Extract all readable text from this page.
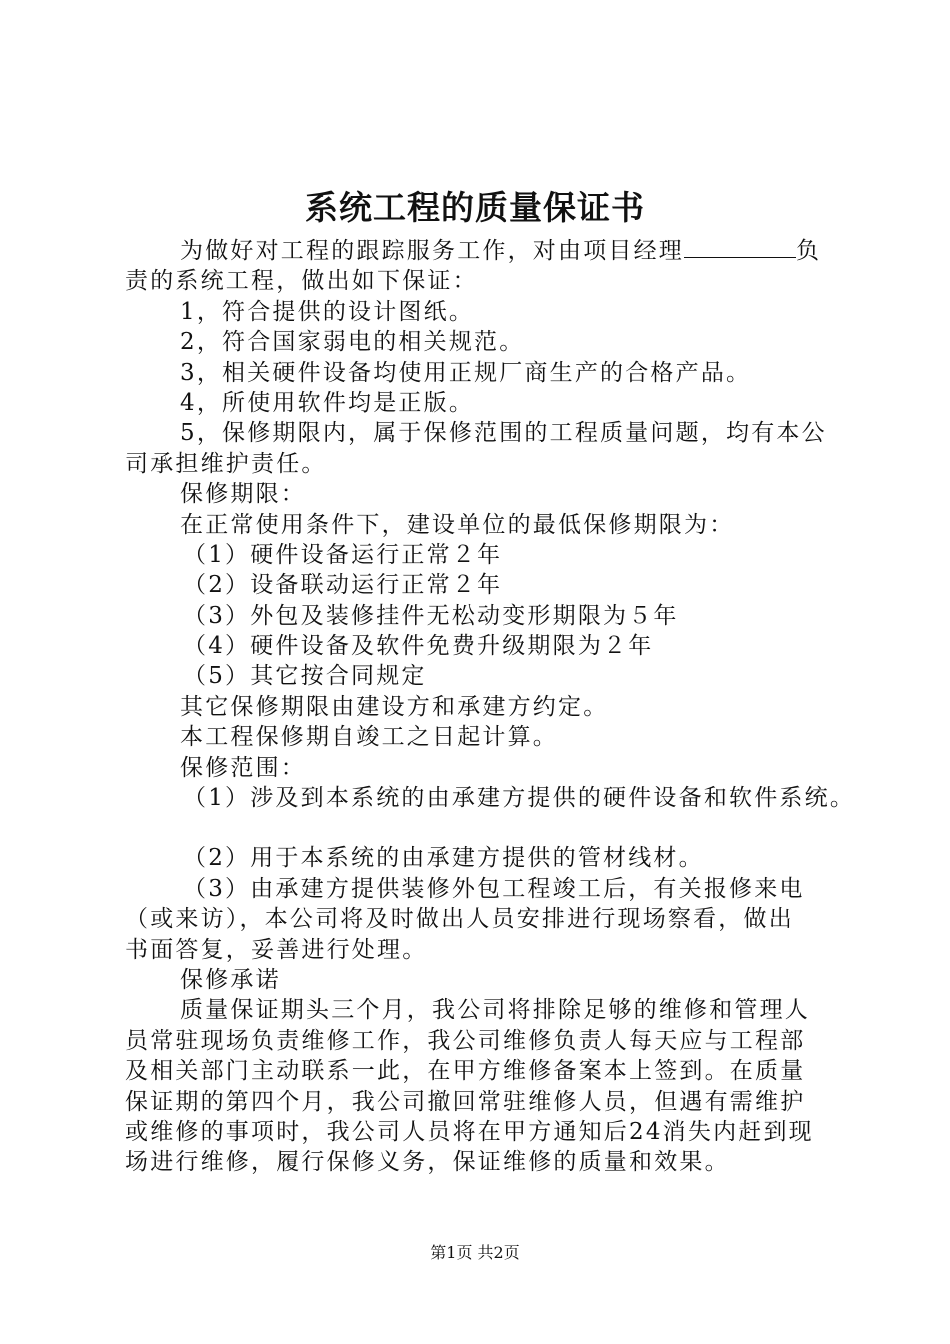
系统工程的质量保证书
为做好对工程的跟踪服务工作，对由项目经理	负
责的系统工程，做出如下保证：
1，符合提供的设计图纸。
2，符合国家弱电的相关规范。
3，相关硬件设备均使用正规厂商生产的合格产品。
4，所使用软件均是正版。
5，保修期限内，属于保修范围的工程质量问题，均有本公
司承担维护责任。
保修期限：
在正常使用条件下，建设单位的最低保修期限为：
（1）硬件设备运行正常２年
（2）设备联动运行正常２年
（3）外包及装修挂件无松动变形期限为５年
（4）硬件设备及软件免费升级期限为２年
（5）其它按合同规定
其它保修期限由建设方和承建方约定。
本工程保修期自竣工之日起计算。
保修范围：
（1）涉及到本系统的由承建方提供的硬件设备和软件系统。
（2）用于本系统的由承建方提供的管材线材。
（3）由承建方提供装修外包工程竣工后，有关报修来电
（或来访），本公司将及时做出人员安排进行现场察看，做出
书面答复，妥善进行处理。
保修承诺
质量保证期头三个月，我公司将排除足够的维修和管理人
员常驻现场负责维修工作，我公司维修负责人每天应与工程部
及相关部门主动联系一此，在甲方维修备案本上签到。在质量
保证期的第四个月，我公司撤回常驻维修人员，但遇有需维护
或维修的事项时，我公司人员将在甲方通知后24消失内赶到现
场进行维修，履行保修义务，保证维修的质量和效果。
第1页 共2页
